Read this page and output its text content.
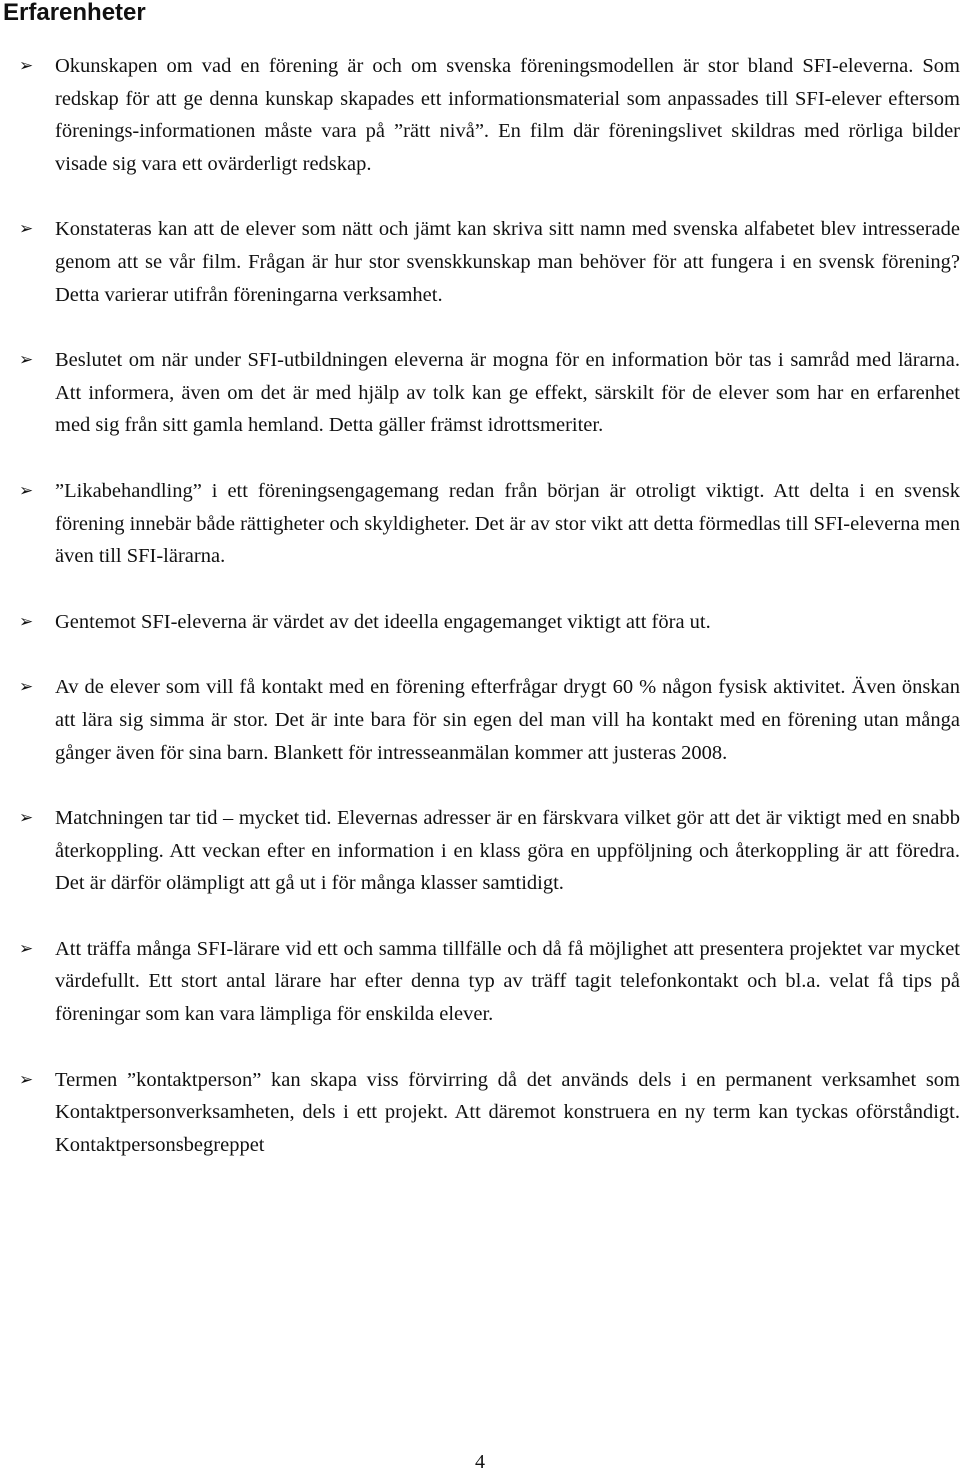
Erfarenheter
➢ Okunskapen om vad en förening är och om svenska föreningsmodellen är stor bland SFI-eleverna. Som redskap för att ge denna kunskap skapades ett informationsmaterial som anpassades till SFI-elever eftersom förenings-informationen måste vara på ”rätt nivå”. En film där föreningslivet skildras med rörliga bilder visade sig vara ett ovärderligt redskap.
➢ Konstateras kan att de elever som nätt och jämt kan skriva sitt namn med svenska alfabetet blev intresserade genom att se vår film. Frågan är hur stor svenskkunskap man behöver för att fungera i en svensk förening? Detta varierar utifrån föreningarna verksamhet.
➢ Beslutet om när under SFI-utbildningen eleverna är mogna för en information bör tas i samråd med lärarna. Att informera, även om det är med hjälp av tolk kan ge effekt, särskilt för de elever som har en erfarenhet med sig från sitt gamla hemland. Detta gäller främst idrottsmeriter.
➢ ”Likabehandling” i ett föreningsengagemang redan från början är otroligt viktigt. Att delta i en svensk förening innebär både rättigheter och skyldigheter. Det är av stor vikt att detta förmedlas till SFI-eleverna men även till SFI-lärarna.
➢ Gentemot SFI-eleverna är värdet av det ideella engagemanget viktigt att föra ut.
➢ Av de elever som vill få kontakt med en förening efterfrågar drygt 60 % någon fysisk aktivitet. Även önskan att lära sig simma är stor. Det är inte bara för sin egen del man vill ha kontakt med en förening utan många gånger även för sina barn. Blankett för intresseanmälan kommer att justeras 2008.
➢ Matchningen tar tid – mycket tid. Elevernas adresser är en färskvara vilket gör att det är viktigt med en snabb återkoppling. Att veckan efter en information i en klass göra en uppföljning och återkoppling är att föredra. Det är därför olämpligt att gå ut i för många klasser samtidigt.
➢ Att träffa många SFI-lärare vid ett och samma tillfälle och då få möjlighet att presentera projektet var mycket värdefullt. Ett stort antal lärare har efter denna typ av träff tagit telefonkontakt och bl.a. velat få tips på föreningar som kan vara lämpliga för enskilda elever.
➢ Termen ”kontaktperson” kan skapa viss förvirring då det används dels i en permanent verksamhet som Kontaktpersonverksamheten, dels i ett projekt. Att däremot konstruera en ny term kan tyckas oförståndigt. Kontaktpersonsbegreppet
4
